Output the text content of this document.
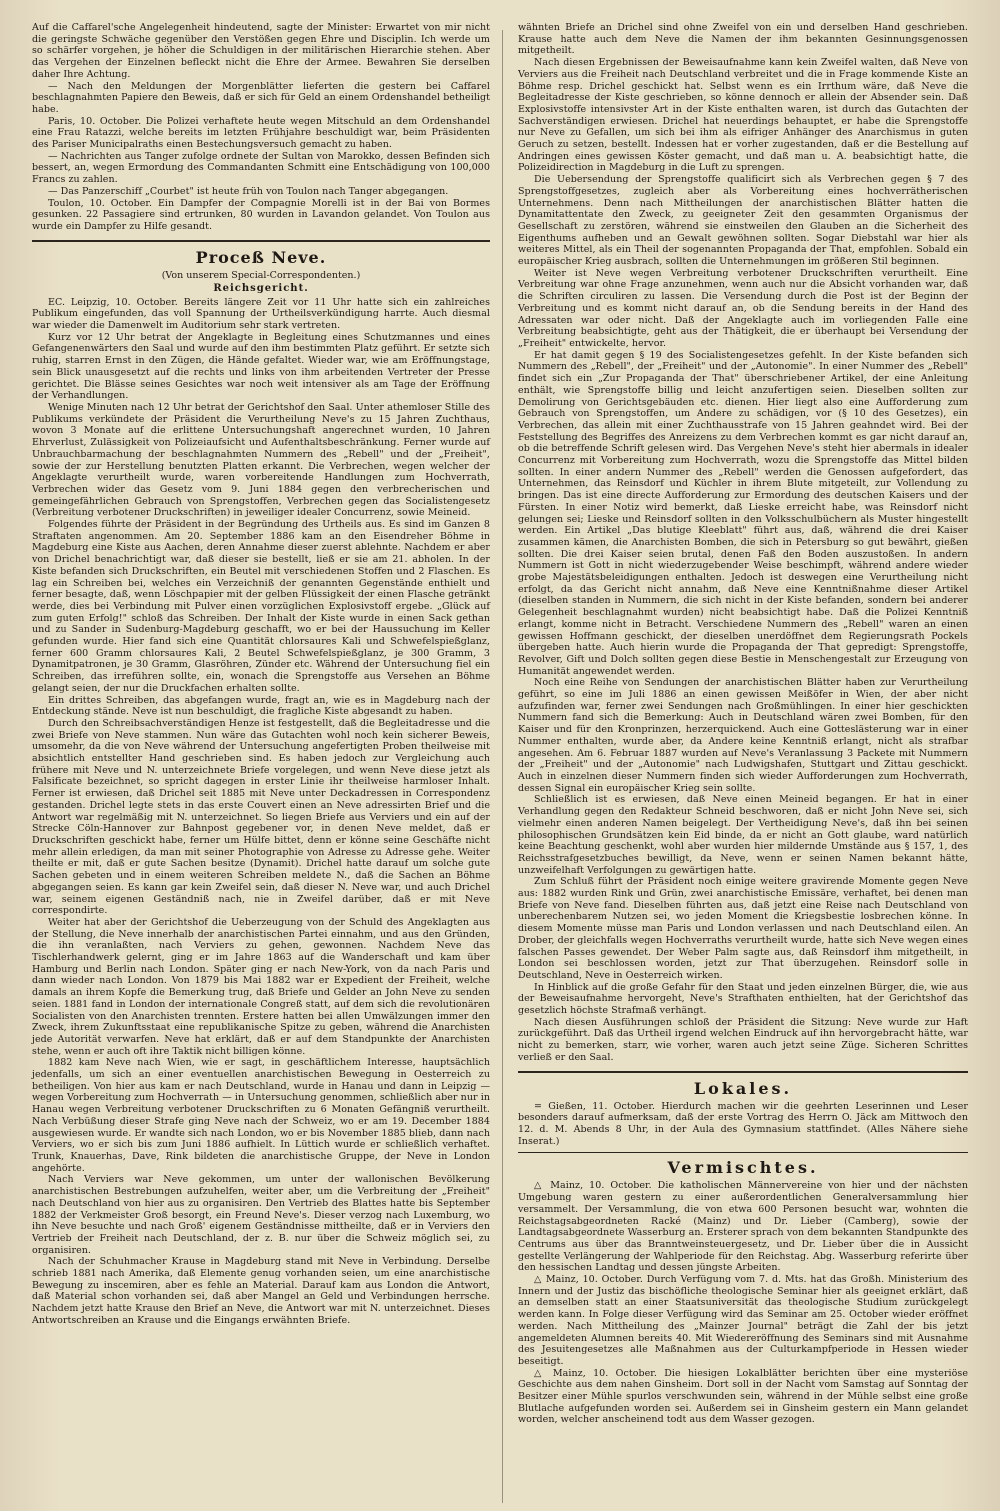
Auf die Caffarel'sche Angelegenheit hindeutend, sagte der Minister: Erwartet von mir nicht die geringste Schwäche gegenüber den Verstößen gegen Ehre und Disciplin. Ich werde um so schärfer vorgehen, je höher die Schuldigen in der militärischen Hierarchie stehen. Aber das Vergehen der Einzelnen befleckt nicht die Ehre der Armee. Bewahren Sie derselben daher Ihre Achtung.

— Nach den Meldungen der Morgenblätter lieferten die gestern bei Caffarel beschlagnahmten Papiere den Beweis, daß er sich für Geld an einem Ordenshandel betheiligt habe.

Paris, 10. October. Die Polizei verhaftete heute wegen Mitschuld an dem Ordenshandel eine Frau Ratazzi, welche bereits im letzten Frühjahre beschuldigt war, beim Präsidenten des Pariser Municipalraths einen Bestechungsversuch gemacht zu haben.

— Nachrichten aus Tanger zufolge ordnete der Sultan von Marokko, dessen Befinden sich bessert, an, wegen Ermordung des Commandanten Schmitt eine Entschädigung von 100,000 Francs zu zahlen.

— Das Panzerschiff „Courbet" ist heute früh von Toulon nach Tanger abgegangen.

Toulon, 10. October. Ein Dampfer der Compagnie Morelli ist in der Bai von Bormes gesunken. 22 Passagiere sind ertrunken, 80 wurden in Lavandon gelandet. Von Toulon aus wurde ein Dampfer zu Hilfe gesandt.

Proceß Neve.
(Von unserem Special-Correspondenten.)
Reichsgericht.

EC. Leipzig, 10. October. Bereits längere Zeit vor 11 Uhr hatte sich ein zahlreiches Publikum eingefunden, das voll Spannung der Urtheilsverkündigung harrte. Auch diesmal war wieder die Damenwelt im Auditorium sehr stark vertreten.

Kurz vor 12 Uhr betrat der Angeklagte in Begleitung eines Schutzmannes und eines Gefangenenwärters den Saal und wurde auf den ihm bestimmten Platz geführt. Er setzte sich ruhig, starren Ernst in den Zügen, die Hände gefaltet. Wieder war, wie am Eröffnungstage, sein Blick unausgesetzt auf die rechts und links von ihm arbeitenden Vertreter der Presse gerichtet. Die Blässe seines Gesichtes war noch weit intensiver als am Tage der Eröffnung der Verhandlungen.

Wenige Minuten nach 12 Uhr betrat der Gerichtshof den Saal. Unter athemloser Stille des Publikums verkündete der Präsident die Verurtheilung Neve's zu 15 Jahren Zuchthaus, wovon 3 Monate auf die erlittene Untersuchungshaft angerechnet wurden, 10 Jahren Ehrverlust, Zulässigkeit von Polizeiaufsicht und Aufenthaltsbeschränkung. Ferner wurde auf Unbrauchbarmachung der beschlagnahmten Nummern des „Rebell" und der „Freiheit", sowie der zur Herstellung benutzten Platten erkannt. Die Verbrechen, wegen welcher der Angeklagte verurtheilt wurde, waren vorbereitende Handlungen zum Hochverrath, Verbrechen wider das Gesetz vom 9. Juni 1884 gegen den verbrecherischen und gemeingefährlichen Gebrauch von Sprengstoffen, Verbrechen gegen das Socialistengesetz (Verbreitung verbotener Druckschriften) in jeweiliger idealer Concurrenz, sowie Meineid.

Folgendes führte der Präsident in der Begründung des Urtheils aus. Es sind im Ganzen 8 Straftaten angenommen. Am 20. September 1886 kam an den Eisendreher Böhme in Magdeburg eine Kiste aus Aachen, deren Annahme dieser zuerst ablehnte. Nachdem er aber von Drichel benachrichtigt war, daß dieser sie bestellt, ließ er sie am 21. abholen. In der Kiste befanden sich Druckschriften, ein Beutel mit verschiedenen Stoffen und 2 Flaschen. Es lag ein Schreiben bei, welches ein Verzeichniß der genannten Gegenstände enthielt und ferner besagte, daß, wenn Löschpapier mit der gelben Flüssigkeit der einen Flasche getränkt werde, dies bei Verbindung mit Pulver einen vorzüglichen Explosivstoff ergebe. „Glück auf zum guten Erfolg!" schloß das Schreiben. Der Inhalt der Kiste wurde in einen Sack gethan und zu Sander in Sudenburg-Magdeburg geschafft, wo er bei der Haussuchung im Keller gefunden wurde. Hier fand sich eine Quantität chlorsaures Kali und Schwefelspießglanz, ferner 600 Gramm chlorsaures Kali, 2 Beutel Schwefelspießglanz, je 300 Gramm, 3 Dynamitpatronen, je 30 Gramm, Glasröhren, Zünder etc. Während der Untersuchung fiel ein Schreiben, das irreführen sollte, ein, wonach die Sprengstoffe aus Versehen an Böhme gelangt seien, der nur die Druckfachen erhalten sollte.

Ein drittes Schreiben, das abgefangen wurde, fragt an, wie es in Magdeburg nach der Entdeckung stände. Neve ist nun beschuldigt, die fragliche Kiste abgesandt zu haben.

Durch den Schreibsachverständigen Henze ist festgestellt, daß die Begleitadresse und die zwei Briefe von Neve stammen. Nun wäre das Gutachten wohl noch kein sicherer Beweis, umsomehr, da die von Neve während der Untersuchung angefertigten Proben theilweise mit absichtlich entstellter Hand geschrieben sind. Es haben jedoch zur Vergleichung auch frühere mit Neve und N. unterzeichnete Briefe vorgelegen, und wenn Neve diese jetzt als Falsificate bezeichnet, so spricht dagegen in erster Linie ihr theilweise harmloser Inhalt. Ferner ist erwiesen, daß Drichel seit 1885 mit Neve unter Deckadressen in Correspondenz gestanden. Drichel legte stets in das erste Couvert einen an Neve adressirten Brief und die Antwort war regelmäßig mit N. unterzeichnet. So liegen Briefe aus Verviers und ein auf der Strecke Cöln-Hannover zur Bahnpost gegebener vor, in denen Neve meldet, daß er Druckschriften geschickt habe, ferner um Hülfe bittet, denn er könne seine Geschäfte nicht mehr allein erledigen, da man mit seiner Photographie von Adresse zu Adresse gehe. Weiter theilte er mit, daß er gute Sachen besitze (Dynamit). Drichel hatte darauf um solche gute Sachen gebeten und in einem weiteren Schreiben meldete N., daß die Sachen an Böhme abgegangen seien. Es kann gar kein Zweifel sein, daß dieser N. Neve war, und auch Drichel war, seinem eigenen Geständniß nach, nie in Zweifel darüber, daß er mit Neve correspondirte.

Weiter hat aber der Gerichtshof die Ueberzeugung von der Schuld des Angeklagten aus der Stellung, die Neve innerhalb der anarchistischen Partei einnahm, und aus den Gründen, die ihn veranlaßten, nach Verviers zu gehen, gewonnen. Nachdem Neve das Tischlerhandwerk gelernt, ging er im Jahre 1863 auf die Wanderschaft und kam über Hamburg und Berlin nach London. Später ging er nach New-York, von da nach Paris und dann wieder nach London. Von 1879 bis Mai 1882 war er Expedient der Freiheit, welche damals an ihrem Kopfe die Bemerkung trug, daß Briefe und Gelder an John Neve zu senden seien. 1881 fand in London der internationale Congreß statt, auf dem sich die revolutionären Socialisten von den Anarchisten trennten. Erstere hatten bei allen Umwälzungen immer den Zweck, ihrem Zukunftsstaat eine republikanische Spitze zu geben, während die Anarchisten jede Autorität verwarfen. Neve hat erklärt, daß er auf dem Standpunkte der Anarchisten stehe, wenn er auch oft ihre Taktik nicht billigen könne.

1882 kam Neve nach Wien, wie er sagt, in geschäftlichem Interesse, hauptsächlich jedenfalls, um sich an einer eventuellen anarchistischen Bewegung in Oesterreich zu betheiligen. Von hier aus kam er nach Deutschland, wurde in Hanau und dann in Leipzig — wegen Vorbereitung zum Hochverrath — in Untersuchung genommen, schließlich aber nur in Hanau wegen Verbreitung verbotener Druckschriften zu 6 Monaten Gefängniß verurtheilt. Nach Verbüßung dieser Strafe ging Neve nach der Schweiz, wo er am 19. December 1884 ausgewiesen wurde. Er wandte sich nach London, wo er bis November 1885 blieb, dann nach Verviers, wo er sich bis zum Juni 1886 aufhielt. In Lüttich wurde er schließlich verhaftet. Trunk, Knauerhas, Dave, Rink bildeten die anarchistische Gruppe, der Neve in London angehörte.

Nach Verviers war Neve gekommen, um unter der wallonischen Bevölkerung anarchistischen Bestrebungen aufzuhelfen, weiter aber, um die Verbreitung der „Freiheit" nach Deutschland von hier aus zu organisiren. Den Vertrieb des Blattes hatte bis September 1882 der Verkmeister Groß besorgt, ein Freund Neve's. Dieser verzog nach Luxemburg, wo ihn Neve besuchte und nach Groß' eigenem Geständnisse mittheilte, daß er in Verviers den Vertrieb der Freiheit nach Deutschland, der z. B. nur über die Schweiz möglich sei, zu organisiren.

Nach der Schuhmacher Krause in Magdeburg stand mit Neve in Verbindung. Derselbe schrieb 1881 nach Amerika, daß Elemente genug vorhanden seien, um eine anarchistische Bewegung zu inscemiren, aber es fehle an Material. Darauf kam aus London die Antwort, daß Material schon vorhanden sei, daß aber Mangel an Geld und Verbindungen herrsche. Nachdem jetzt hatte Krause den Brief an Neve, die Antwort war mit N. unterzeichnet. Dieses Antwortschreiben an Krause und die Eingangs erwähnten Briefe.

wähnten Briefe an Drichel sind ohne Zweifel von ein und derselben Hand geschrieben. Krause hatte auch dem Neve die Namen der ihm bekannten Gesinnungsgenossen mitgetheilt.

Nach diesen Ergebnissen der Beweisaufnahme kann kein Zweifel walten, daß Neve von Verviers aus die Freiheit nach Deutschland verbreitet und die in Frage kommende Kiste an Böhme resp. Drichel geschickt hat. Selbst wenn es ein Irrthum wäre, daß Neve die Begleitadresse der Kiste geschrieben, so könne dennoch er allein der Absender sein. Daß Explosivstoffe intensivster Art in der Kiste enthalten waren, ist durch das Gutachten der Sachverständigen erwiesen. Drichel hat neuerdings behauptet, er habe die Sprengstoffe nur Neve zu Gefallen, um sich bei ihm als eifriger Anhänger des Anarchismus in guten Geruch zu setzen, bestellt. Indessen hat er vorher zugestanden, daß er die Bestellung auf Andringen eines gewissen Köster gemacht, und daß man u. A. beabsichtigt hatte, die Polizeidirection in Magdeburg in die Luft zu sprengen.

Die Uebersendung der Sprengstoffe qualificirt sich als Verbrechen gegen § 7 des Sprengstoffgesetzes, zugleich aber als Vorbereitung eines hochverrätherischen Unternehmens. Denn nach Mittheilungen der anarchistischen Blätter hatten die Dynamitattentate den Zweck, zu geeigneter Zeit den gesammten Organismus der Gesellschaft zu zerstören, während sie einstweilen den Glauben an die Sicherheit des Eigenthums aufheben und an Gewalt gewöhnen sollten. Sogar Diebstahl war hier als weiteres Mittel, als ein Theil der sogenannten Propaganda der That, empfohlen. Sobald ein europäischer Krieg ausbrach, sollten die Unternehmungen im größeren Stil beginnen.

Weiter ist Neve wegen Verbreitung verbotener Druckschriften verurtheilt. Eine Verbreitung war ohne Frage anzunehmen, wenn auch nur die Absicht vorhanden war, daß die Schriften circuliren zu lassen. Die Versendung durch die Post ist der Beginn der Verbreitung und es kommt nicht darauf an, ob die Sendung bereits in der Hand des Adressaten war oder nicht. Daß der Angeklagte auch im vorliegenden Falle eine Verbreitung beabsichtigte, geht aus der Thätigkeit, die er überhaupt bei Versendung der „Freiheit" entwickelte, hervor.

Er hat damit gegen § 19 des Socialistengesetzes gefehlt. In der Kiste befanden sich Nummern des „Rebell", der „Freiheit" und der „Autonomie". In einer Nummer des „Rebell" findet sich ein „Zur Propaganda der That" überschriebener Artikel, der eine Anleitung enthält, wie Sprengstoffe billig und leicht anzufertigen seien. Dieselben sollten zur Demolirung von Gerichtsgebäuden etc. dienen. Hier liegt also eine Aufforderung zum Gebrauch von Sprengstoffen, um Andere zu schädigen, vor (§ 10 des Gesetzes), ein Verbrechen, das allein mit einer Zuchthausstrafe von 15 Jahren geahndet wird. Bei der Feststellung des Begriffes des Anreizens zu dem Verbrechen kommt es gar nicht darauf an, ob die betreffende Schrift gelesen wird. Das Vergehen Neve's steht hier abermals in idealer Concurrenz mit Vorbereitung zum Hochverrath, wozu die Sprengstoffe das Mittel bilden sollten. In einer andern Nummer des „Rebell" werden die Genossen aufgefordert, das Unternehmen, das Reinsdorf und Küchler in ihrem Blute mitgeteilt, zur Vollendung zu bringen. Das ist eine directe Aufforderung zur Ermordung des deutschen Kaisers und der Fürsten. In einer Notiz wird bemerkt, daß Lieske erreicht habe, was Reinsdorf nicht gelungen sei; Lieske und Reinsdorf sollten in den Volksschulbüchern als Muster hingestellt werden. Ein Artikel „Das blutige Kleeblatt" führt aus, daß, während die drei Kaiser zusammen kämen, die Anarchisten Bomben, die sich in Petersburg so gut bewährt, gießen sollten. Die drei Kaiser seien brutal, denen Faß den Boden auszustoßen. In andern Nummern ist Gott in nicht wiederzugebender Weise beschimpft, während andere wieder grobe Majestätsbeleidigungen enthalten. Jedoch ist deswegen eine Verurtheilung nicht erfolgt, da das Gericht nicht annahm, daß Neve eine Kenntnißnahme dieser Artikel (dieselben standen in Nummern, die sich nicht in der Kiste befanden, sondern bei anderer Gelegenheit beschlagnahmt wurden) nicht beabsichtigt habe. Daß die Polizei Kenntniß erlangt, komme nicht in Betracht. Verschiedene Nummern des „Rebell" waren an einen gewissen Hoffmann geschickt, der dieselben unerdöffnet dem Regierungsrath Pockels übergeben hatte. Auch hierin wurde die Propaganda der That gepredigt: Sprengstoffe, Revolver, Gift und Dolch sollten gegen diese Bestie in Menschengestalt zur Erzeugung von Humanität angewendet werden.

Noch eine Reihe von Sendungen der anarchistischen Blätter haben zur Verurtheilung geführt, so eine im Juli 1886 an einen gewissen Meißöfer in Wien, der aber nicht aufzufinden war, ferner zwei Sendungen nach Großmühlingen. In einer hier geschickten Nummern fand sich die Bemerkung: Auch in Deutschland wären zwei Bomben, für den Kaiser und für den Kronprinzen, herzerquickend. Auch eine Gotteslästerung war in einer Nummer enthalten, wurde aber, da Andere keine Kenntniß erlangt, nicht als strafbar angesehen. Am 6. Februar 1887 wurden auf Neve's Veranlassung 3 Packete mit Nummern der „Freiheit" und der „Autonomie" nach Ludwigshafen, Stuttgart und Zittau geschickt. Auch in einzelnen dieser Nummern finden sich wieder Aufforderungen zum Hochverrath, dessen Signal ein europäischer Krieg sein sollte.

Schließlich ist es erwiesen, daß Neve einen Meineid begangen. Er hat in einer Verhandlung gegen den Redakteur Schneid beschworen, daß er nicht John Neve sei, sich vielmehr einen anderen Namen beigelegt. Der Vertheidigung Neve's, daß ihn bei seinen philosophischen Grundsätzen kein Eid binde, da er nicht an Gott glaube, ward natürlich keine Beachtung geschenkt, wohl aber wurden hier mildernde Umstände aus § 157, 1, des Reichsstrafgesetzbuches bewilligt, da Neve, wenn er seinen Namen bekannt hätte, unzweifelhaft Verfolgungen zu gewärtigen hatte.

Zum Schluß führt der Präsident noch einige weitere gravirende Momente gegen Neve aus: 1882 wurden Rink und Grün, zwei anarchistische Emissäre, verhaftet, bei denen man Briefe von Neve fand. Dieselben führten aus, daß jetzt eine Reise nach Deutschland von unberechenbarem Nutzen sei, wo jeden Moment die Kriegsbestie losbrechen könne. In diesem Momente müsse man Paris und London verlassen und nach Deutschland eilen. An Drober, der gleichfalls wegen Hochverraths verurtheilt wurde, hatte sich Neve wegen eines falschen Passes gewendet. Der Weber Palm sagte aus, daß Reinsdorf ihm mitgetheilt, in London sei beschlossen worden, jetzt zur That überzugehen. Reinsdorf solle in Deutschland, Neve in Oesterreich wirken.

In Hinblick auf die große Gefahr für den Staat und jeden einzelnen Bürger, die, wie aus der Beweisaufnahme hervorgeht, Neve's Strafthaten enthielten, hat der Gerichtshof das gesetzlich höchste Strafmaß verhängt.

Nach diesen Ausführungen schloß der Präsident die Sitzung: Neve wurde zur Haft zurückgeführt. Daß das Urtheil irgend welchen Eindruck auf ihn hervorgebracht hätte, war nicht zu bemerken, starr, wie vorher, waren auch jetzt seine Züge. Sicheren Schrittes verließ er den Saal.

Lokales.

= Gießen, 11. October. Hierdurch machen wir die geehrten Leserinnen und Leser besonders darauf aufmerksam, daß der erste Vortrag des Herrn O. Jäck am Mittwoch den 12. d. M. Abends 8 Uhr, in der Aula des Gymnasium stattfindet. (Alles Nähere siehe Inserat.)

Vermischtes.

△ Mainz, 10. October. Die katholischen Männervereine von hier und der nächsten Umgebung waren gestern zu einer außerordentlichen Generalversammlung hier versammelt. Der Versammlung, die von etwa 600 Personen besucht war, wohnten die Reichstagsabgeordneten Racké (Mainz) und Dr. Lieber (Camberg), sowie der Landtagsabgeordnete Wasserburg an. Ersterer sprach von dem bekannten Standpunkte des Centrums aus über das Branntweinsteuergesetz, und Dr. Lieber über die in Aussicht gestellte Verlängerung der Wahlperiode für den Reichstag. Abg. Wasserburg referirte über den hessischen Landtag und dessen jüngste Arbeiten.

△ Mainz, 10. October. Durch Verfügung vom 7. d. Mts. hat das Großh. Ministerium des Innern und der Justiz das bischöfliche theologische Seminar hier als geeignet erklärt, daß an demselben statt an einer Staatsuniversität das theologische Studium zurückgelegt werden kann. In Folge dieser Verfügung wird das Seminar am 25. October wieder eröffnet werden. Nach Mittheilung des „Mainzer Journal" beträgt die Zahl der bis jetzt angemeldeten Alumnen bereits 40. Mit Wiedereröffnung des Seminars sind mit Ausnahme des Jesuitengesetzes alle Maßnahmen aus der Culturkampfperiode in Hessen wieder beseitigt.

△ Mainz, 10. October. Die hiesigen Lokalblätter berichten über eine mysteriöse Geschichte aus dem nahen Ginsheim. Dort soll in der Nacht vom Samstag auf Sonntag der Besitzer einer Mühle spurlos verschwunden sein, während in der Mühle selbst eine große Blutlache aufgefunden worden sei. Außerdem sei in Ginsheim gestern ein Mann gelandet worden, welcher anscheinend todt aus dem Wasser gezogen.
